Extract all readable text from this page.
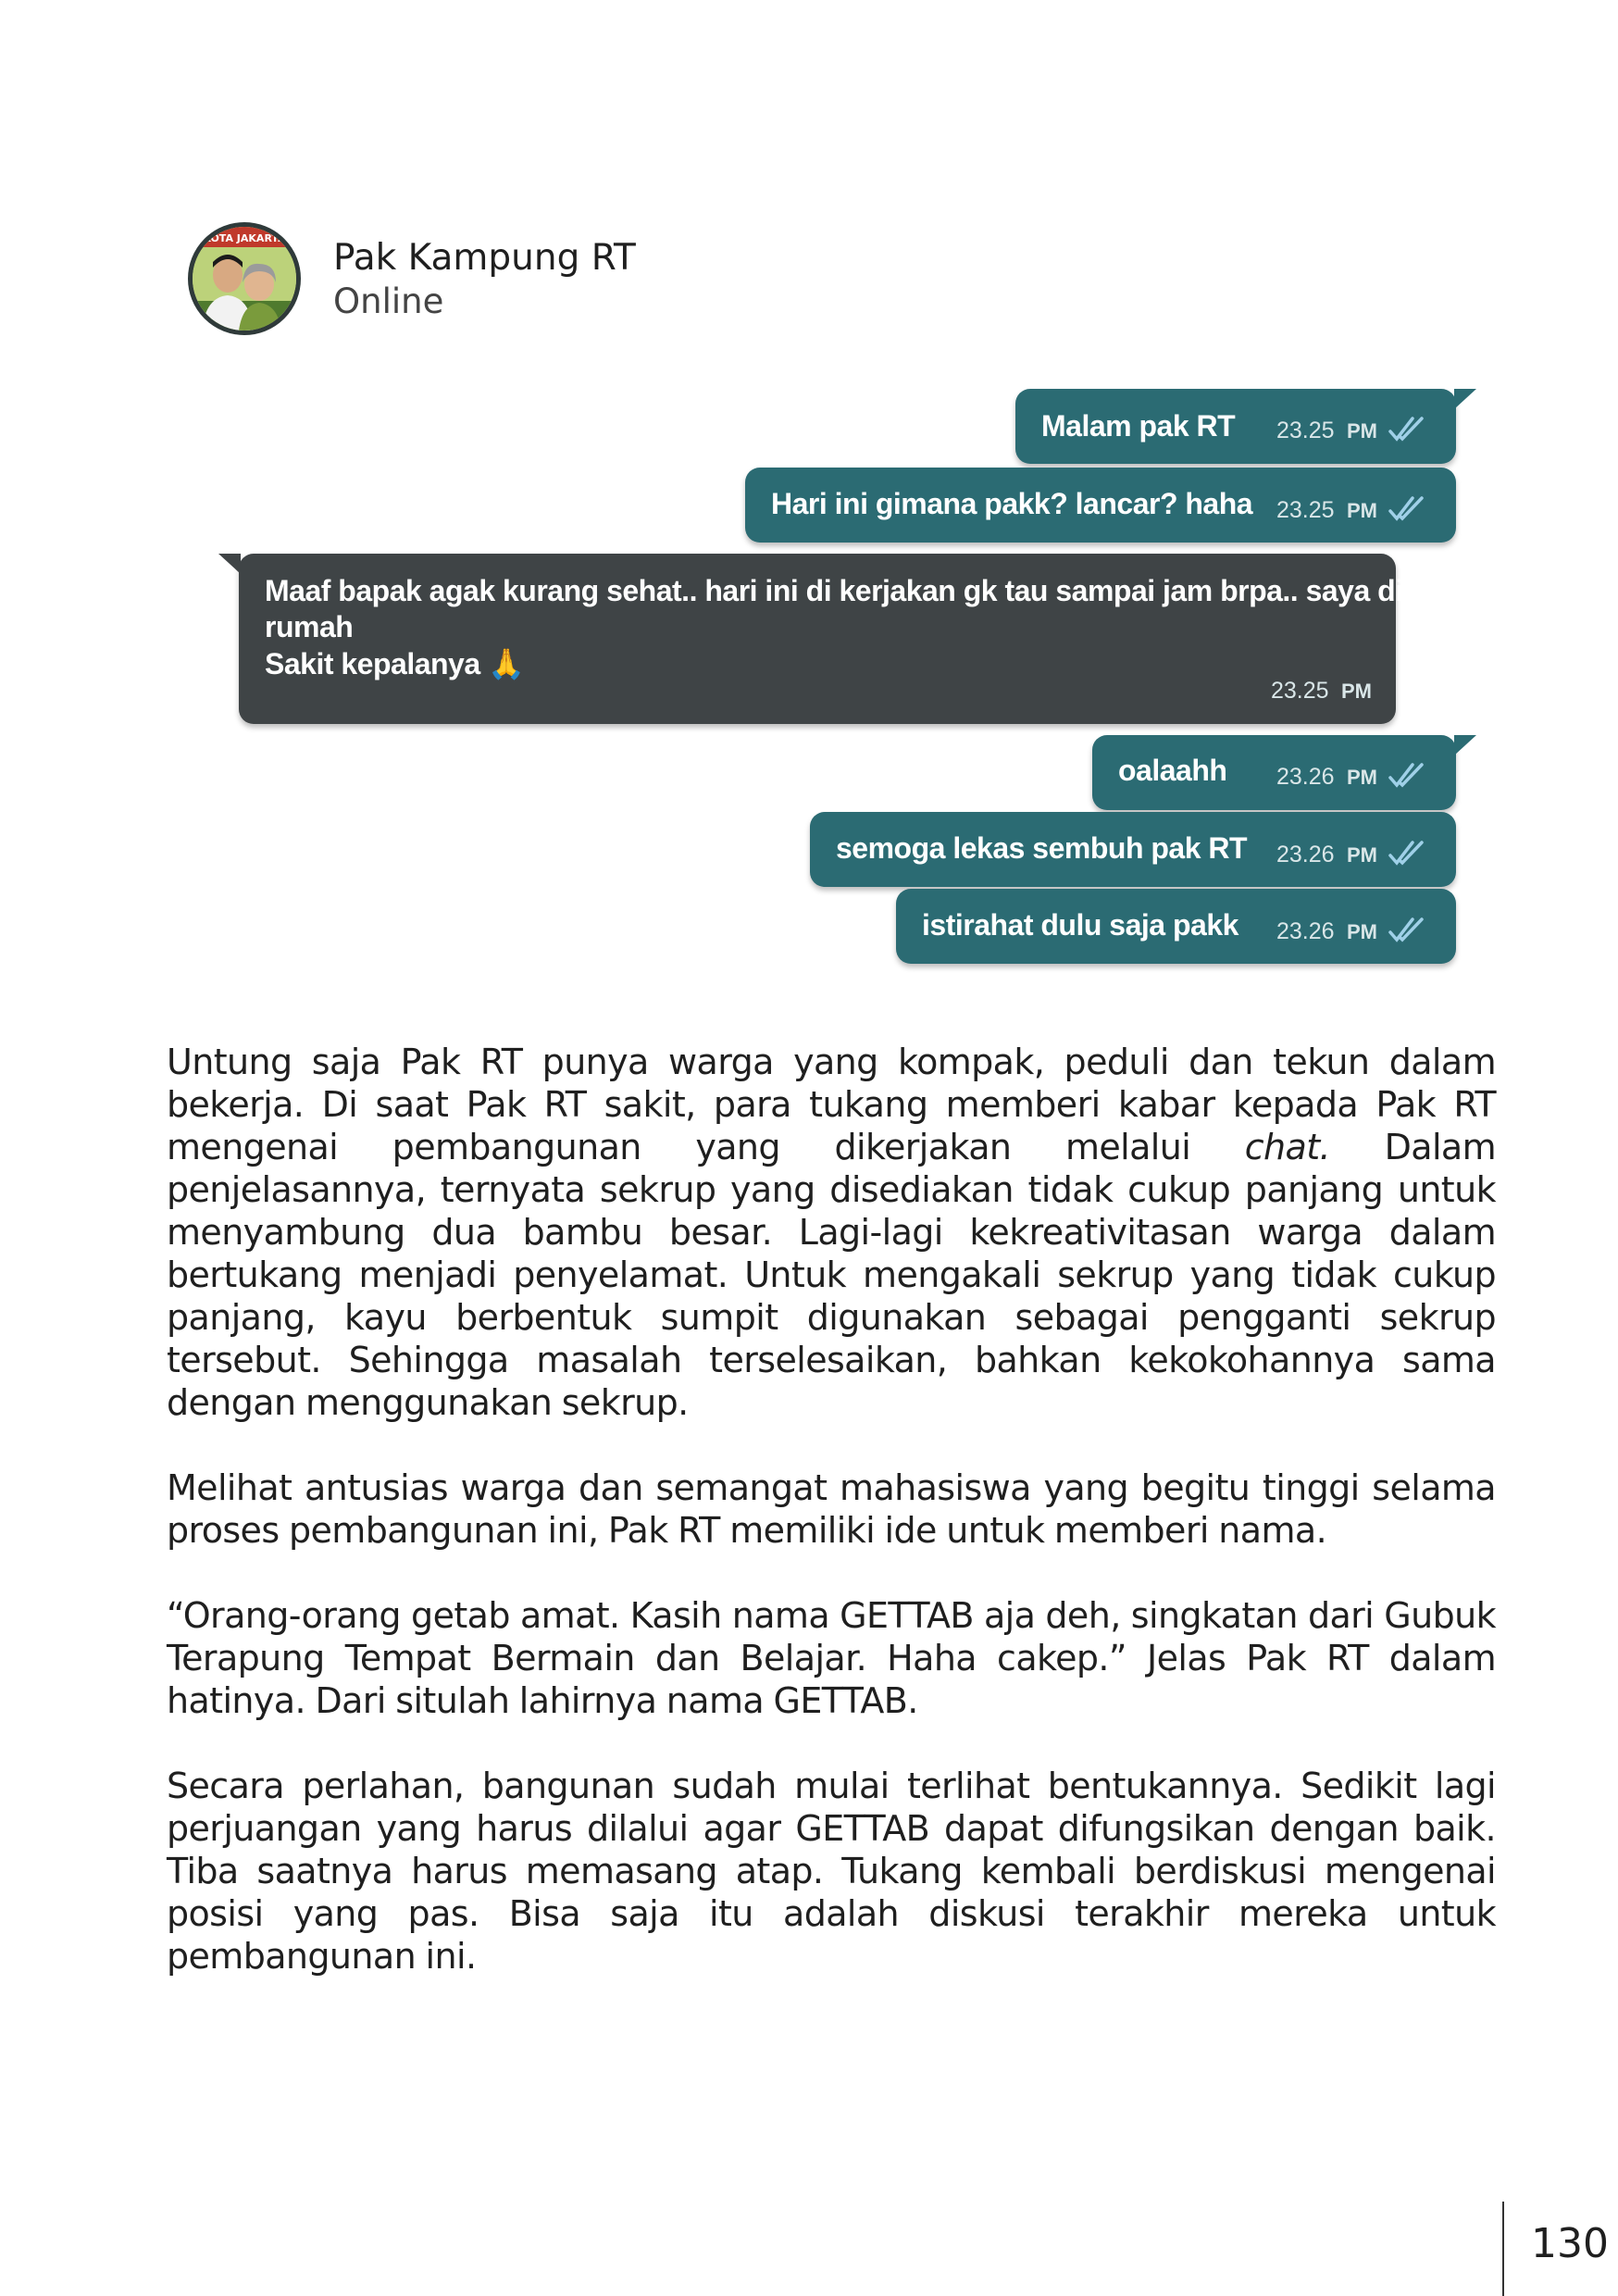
KOTA JAKARTA Pak Kampung RT
Online
Malam pak RT 23.25 PM
Hari ini gimana pakk? lancar? haha 23.25 PM
Maaf bapak agak kurang sehat.. hari ini di kerjakan gk tau sampai jam brpa.. saya di
rumah
Sakit kepalanya 🙏
23.25 PM
oalaahh 23.26 PM
semoga lekas sembuh pak RT 23.26 PM
istirahat dulu saja pakk 23.26 PM
Untung saja Pak RT punya warga yang kompak, peduli dan tekun dalam bekerja. Di saat Pak RT sakit, para tukang memberi kabar kepada Pak RT mengenai pembangunan yang dikerjakan melalui chat. Dalam penjelasannya, ternyata sekrup yang disediakan tidak cukup panjang untuk menyambung dua bambu besar. Lagi-lagi kekreativitasan warga dalam bertukang menjadi penyelamat. Untuk mengakali sekrup yang tidak cukup panjang, kayu berbentuk sumpit digunakan sebagai pengganti sekrup tersebut. Sehingga masalah terselesaikan, bahkan kekokohannya sama dengan menggunakan sekrup.
Melihat antusias warga dan semangat mahasiswa yang begitu tinggi selama proses pembangunan ini, Pak RT memiliki ide untuk memberi nama.
“Orang-orang getab amat. Kasih nama GETTAB aja deh, singkatan dari Gubuk Terapung Tempat Bermain dan Belajar. Haha cakep.” Jelas Pak RT dalam hatinya. Dari situlah lahirnya nama GETTAB.
Secara perlahan, bangunan sudah mulai terlihat bentukannya. Sedikit lagi perjuangan yang harus dilalui agar GETTAB dapat difungsikan dengan baik. Tiba saatnya harus memasang atap. Tukang kembali berdiskusi mengenai posisi yang pas. Bisa saja itu adalah diskusi terakhir mereka untuk pembangunan ini.
130
